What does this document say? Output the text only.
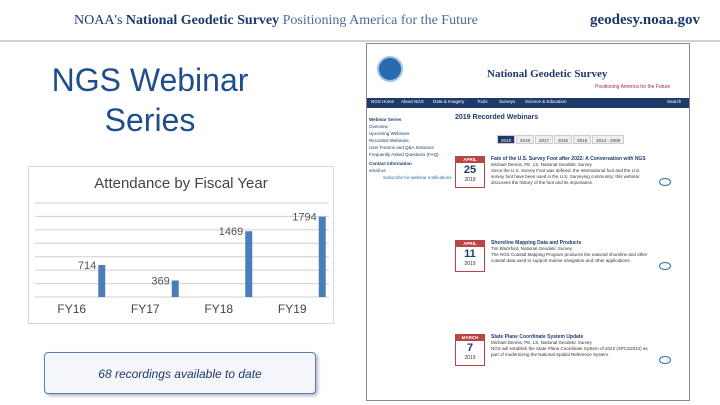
NOAA's National Geodetic Survey Positioning America for the Future	geodesy.noaa.gov
NGS Webinar Series
Attendance by Fiscal Year
714
FY16
369
FY17
1469
FY18
1794
FY19
68 recordings available to date
National Geodetic Survey
Positioning America for the Future
NGS Home About NGS Data & Imagery	Tools	Surveys Science & Education	Search
Webinar Series
Overview
Upcoming Webinars
Recorded Webinars
User Forums and Q&A Sessions
Frequently Asked Questions (FAQ)
Contact information
email us
Subscribe for webinar notifications
2019 Recorded Webinars
2019 2018 2017 2016 2015 2014 - 2006
APRIL
25
2019
Fate of the U.S. Survey Foot after 2022: A Conversation with NGS
Michael Dennis, PE, LS, National Geodetic Survey
Since the U.S. Survey Foot was defined, the International foot and the U.S. survey foot have been used in the U.S. Surveying community; this webinar discusses the history of the foot and its importance.
APRIL
11
2019
Shoreline Mapping Data and Products
Tim Blackford, National Geodetic Survey
The NGS Coastal Mapping Program produces the national shoreline and other coastal data used to support marine navigation and other applications.
MARCH
7
2019
State Plane Coordinate System Update
Michael Dennis, PE, LS, National Geodetic Survey
NGS will establish the State Plane Coordinate System of 2022 (SPCS2022) as part of modernizing the National Spatial Reference System.
